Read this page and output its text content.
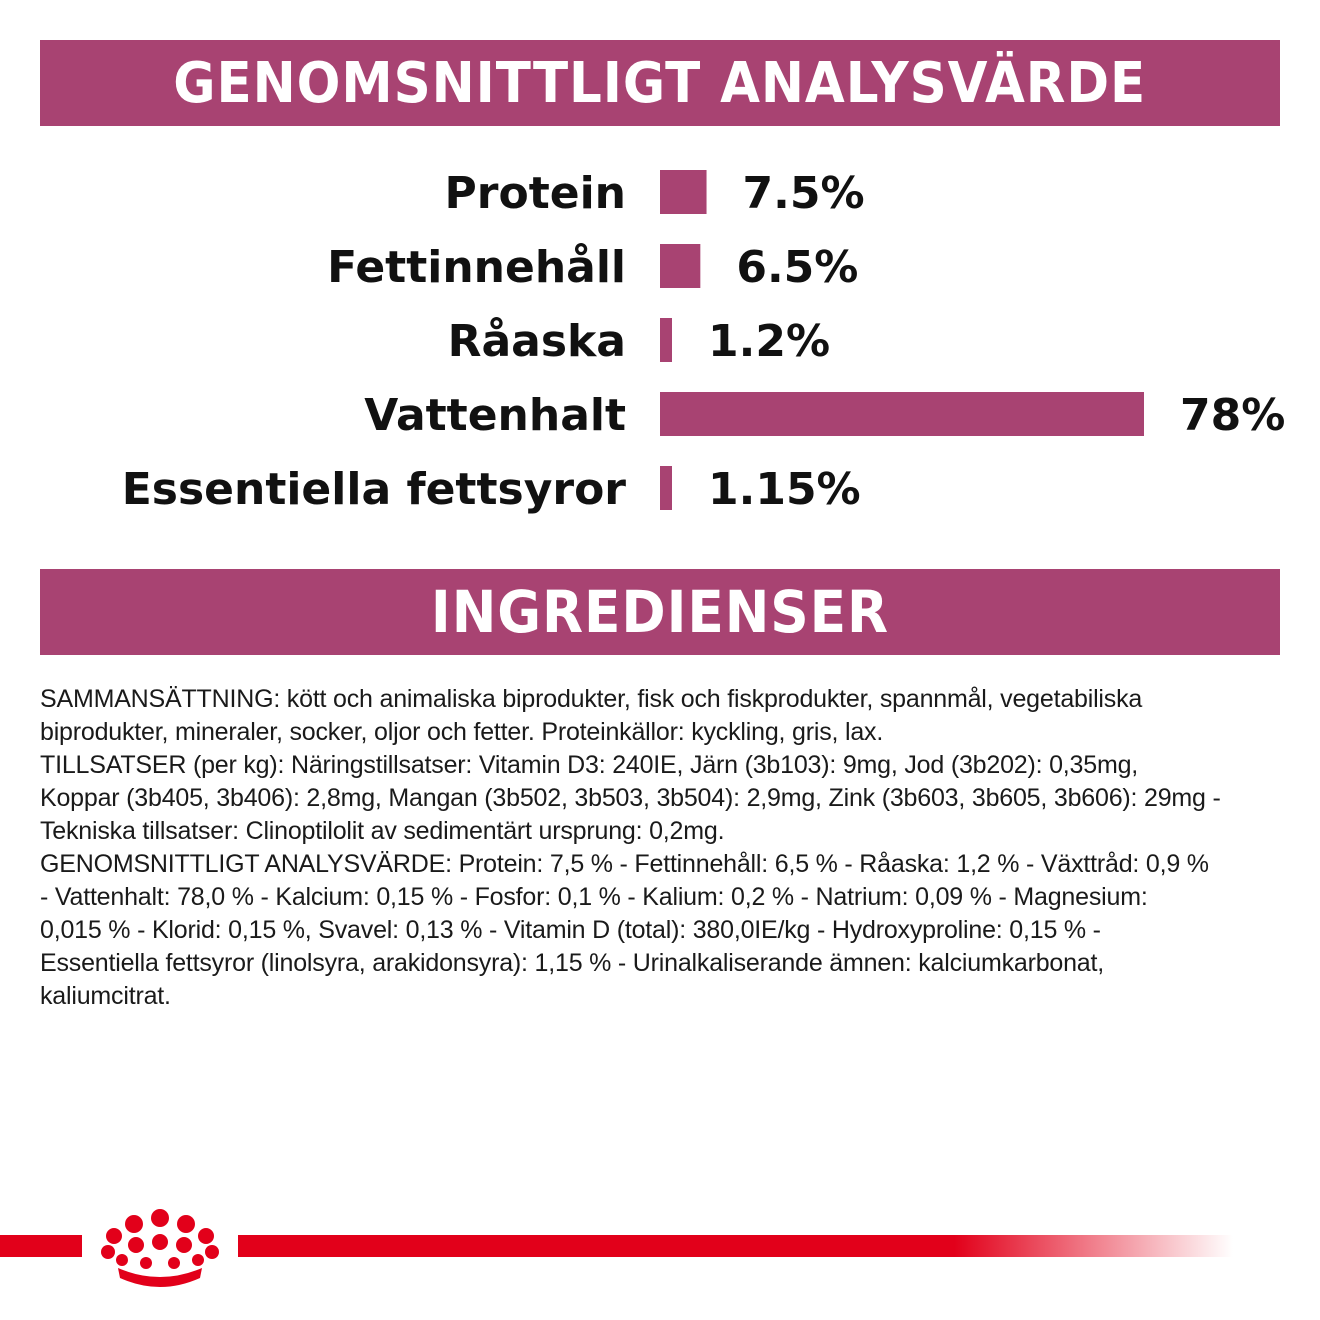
GENOMSNITTLIGT ANALYSVÄRDE
Protein	7.5%
Fettinnehåll	6.5%
Råaska 1.2%
Vattenhalt	78%
Essentiella fettsyror 1.15%
INGREDIENSER

SAMMANSÄTTNING: kött och animaliska biprodukter, fisk och fiskprodukter, spannmål, vegetabiliska
biprodukter, mineraler, socker, oljor och fetter. Proteinkällor: kyckling, gris, lax.
TILLSATSER (per kg): Näringstillsatser: Vitamin D3: 240IE, Järn (3b103): 9mg, Jod (3b202): 0,35mg,
Koppar (3b405, 3b406): 2,8mg, Mangan (3b502, 3b503, 3b504): 2,9mg, Zink (3b603, 3b605, 3b606): 29mg -
Tekniska tillsatser: Clinoptilolit av sedimentärt ursprung: 0,2mg.
GENOMSNITTLIGT ANALYSVÄRDE: Protein: 7,5 % - Fettinnehåll: 6,5 % - Råaska: 1,2 % - Växttråd: 0,9 %
- Vattenhalt: 78,0 % - Kalcium: 0,15 % - Fosfor: 0,1 % - Kalium: 0,2 % - Natrium: 0,09 % - Magnesium:
0,015 % - Klorid: 0,15 %, Svavel: 0,13 % - Vitamin D (total): 380,0IE/kg - Hydroxyproline: 0,15 % -
Essentiella fettsyror (linolsyra, arakidonsyra): 1,15 % - Urinalkaliserande ämnen: kalciumkarbonat,
kaliumcitrat.
